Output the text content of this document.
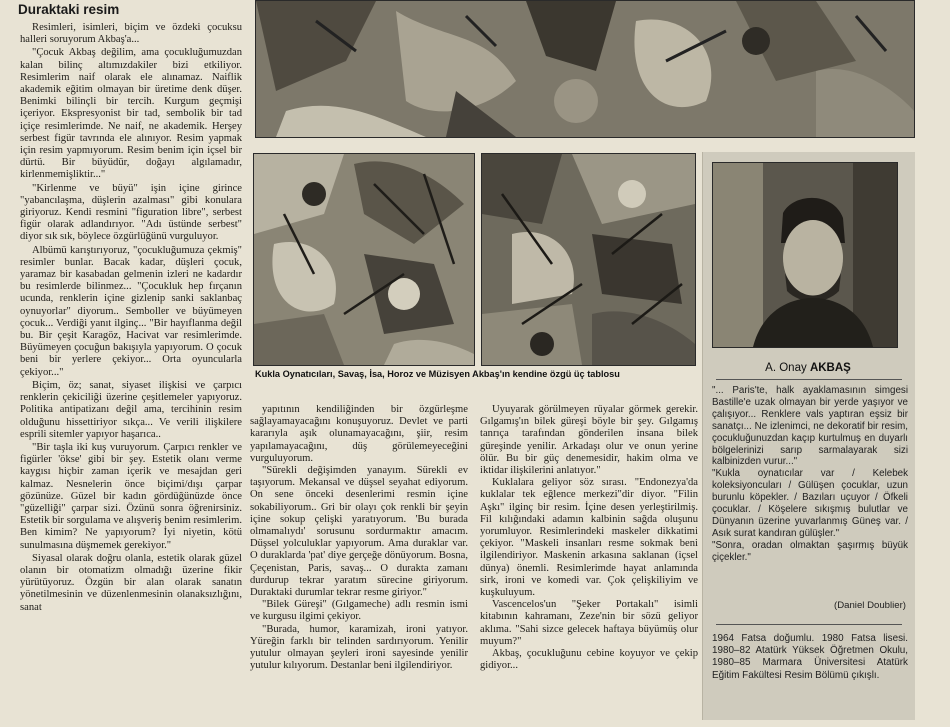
Duraktaki resim

Resimleri, isimleri, biçim ve özdeki çocuksu halleri soruyorum Akbaş'a...

"Çocuk Akbaş değilim, ama çocukluğumuzdan kalan bilinç altımızdakiler bizi etkiliyor. Resimlerim naif olarak ele alınamaz. Naiflik akademik eğitim olmayan bir üretime denk düşer. Benimki bilinçli bir tercih. Kurgum geçmişi içeriyor. Ekspresyonist bir tad, sembolik bir tad içiçe resimlerimde. Ne naif, ne akademik. Herşey serbest figür tavrında ele alınıyor. Resim yapmak için resim yapmıyorum. Resim benim için içsel bir dürtü. Bir büyüdür, doğayı algılamadır, kirlenmemişliktir..."

"Kirlenme ve büyü" işin içine girince "yabancılaşma, düşlerin azalması" gibi konulara giriyoruz. Kendi resmini "figuration libre", serbest figür olarak adlandırıyor. "Adı üstünde serbest" diyor sık sık, böylece özgürlüğünü vurguluyor.

Albümü karıştırıyoruz, "çocukluğumuza çekmiş" resimler bunlar. Bacak kadar, düşleri çocuk, yaramaz bir kasabadan gelmenin izleri ne kadardır bu resimlerde bilinmez... "Çocukluk hep fırçanın ucunda, renklerin içine gizlenip sanki saklanbaç oynuyorlar" diyorum.. Semboller ve büyümeyen çocuk... Verdiği yanıt ilginç... "Bir hayıflanma değil bu. Bir çeşit Karagöz, Hacivat var resimlerimde. Büyümeyen çocuğun bakışıyla yapıyorum. O çocuk beni bir yerlere çekiyor... Orta oyuncularla çekiyor..."

Biçim, öz; sanat, siyaset ilişkisi ve çarpıcı renklerin çekiciliği üzerine çeşitlemeler yapıyoruz. Politika antipatizanı değil ama, tercihinin resim olduğunu hissettiriyor sıkça... Ve verili ilişkilere esprili sitemler yapıyor haşarıca..

"Bir taşla iki kuş vuruyorum. Çarpıcı renkler ve figürler 'ökse' gibi bir şey. Estetik olanı verme kaygısı hiçbir zaman içerik ve mesajdan geri kalmaz. Nesnelerin önce biçimi/dışı çarpar gözünüze. Güzel bir kadın gördüğünüzde önce "güzelliği" çarpar sizi. Özünü sonra öğrenirsiniz. Estetik bir sorgulama ve alışveriş benim resimlerim. Ben kimim? Ne yapıyorum? İyi niyetin, kötü sunulmasına düşmemek gerekiyor."

Siyasal olarak doğru olanla, estetik olarak güzel olanın bir otomatizm olmadığı üzerine fikir yürütüyoruz. Özgün bir alan olarak sanatın yönetilmesinin ve düzenlenmesinin olanaksızlığını, sanat

Kukla Oynatıcıları, Savaş, İsa, Horoz ve Müzisyen Akbaş'ın kendine özgü üç tablosu	A. Onay AKBAŞ

"... Paris'te, halk ayaklamasının simgesi Bastille'e uzak olmayan bir yerde yaşıyor ve çalışıyor... Renklere vals yaptıran eşsiz bir sanatçı... Ne izlenimci, ne dekoratif bir resim, çocukluğunuzdan kaçıp kurtulmuş en duyarlı bölgelerinizi sarıp sarmalayarak sizi kalbinizden vurur..."

"Kukla oynatıcılar var / Kelebek koleksiyoncuları / Gülüşen çocuklar, uzun burunlu köpekler. / Bazıları uçuyor / Öfkeli çocuklar. / Köşelere sıkışmış bulutlar ve Dünyanın üzerine yuvarlanmış Güneş var. / Asık surat kandıran gülüşler."

"Sonra, oradan olmaktan şaşırmış büyük çiçekler."

(Daniel Doublier)
1964 Fatsa doğumlu. 1980 Fatsa lisesi. 1980–82 Atatürk Yüksek Öğretmen Okulu, 1980–85 Marmara Üniversitesi Atatürk Eğitim Fakültesi Resim Bölümü çıkışlı.

yapıtının kendiliğinden bir özgürleşme sağlayamayacağını konuşuyoruz. Devlet ve parti kararıyla aşık olunamayacağını, şiir, resim yapılamayacağını, düş görülemeyeceğini vurguluyorum.

"Sürekli değişimden yanayım. Sürekli ev taşıyorum. Mekansal ve düşsel seyahat ediyorum. On sene önceki desenlerimi resmin içine sokabiliyorum.. Gri bir olayı çok renkli bir şeyin içine sokup çelişki yaratıyorum. 'Bu burada olmamalıydı' sorusunu sordurmaktır amacım. Düşsel yolculuklar yapıyorum. Ama duraklar var. O duraklarda 'pat' diye gerçeğe dönüyorum. Bosna, Çeçenistan, Paris, savaş... O durakta zamanı durdurup tekrar yaratım sürecine giriyorum. Duraktaki durumlar tekrar resme giriyor."

"Bilek Güreşi" (Gılgameche) adlı resmin ismi ve kurgusu ilgimi çekiyor.

"Burada, humor, karamizah, ironi yatıyor. Yüreğin farklı bir telinden sardırıyorum. Yenilir yutulur olmayan şeyleri ironi sayesinde yenilir yutulur kılıyorum. Destanlar beni ilgilendiriyor.

Uyuyarak görülmeyen rüyalar görmek gerekir. Gılgamış'ın bilek güreşi böyle bir şey. Gılgamış tanrıça tarafından gönderilen insana bilek güreşinde yenilir. Arkadaşı olur ve onun yerine ölür. Bu bir güç denemesidir, hakim olma ve iktidar ilişkilerini anlatıyor."

Kuklalara geliyor söz sırası. "Endonezya'da kuklalar tek eğlence merkezi"dir diyor. "Filin Aşkı" ilginç bir resim. İçine desen yerleştirilmiş. Fil kılığındaki adamın kalbinin sağda oluşunu yorumluyor. Resimlerindeki maskeler dikkatimi çekiyor. "Maskeli insanları resme sokmak beni ilgilendiriyor. Maskenin arkasına saklanan (içsel dünya) önemli. Resimlerimde hayat anlamında sirk, ironi ve komedi var. Çok çelişkiliyim ve kuşkuluyum.

Vascencelos'un "Şeker Portakalı" isimli kitabının kahramanı, Zeze'nin bir sözü geliyor aklıma. "Sahi sizce gelecek haftaya büyümüş olur muyum?"

Akbaş, çocukluğunu cebine koyuyor ve çekip gidiyor...
